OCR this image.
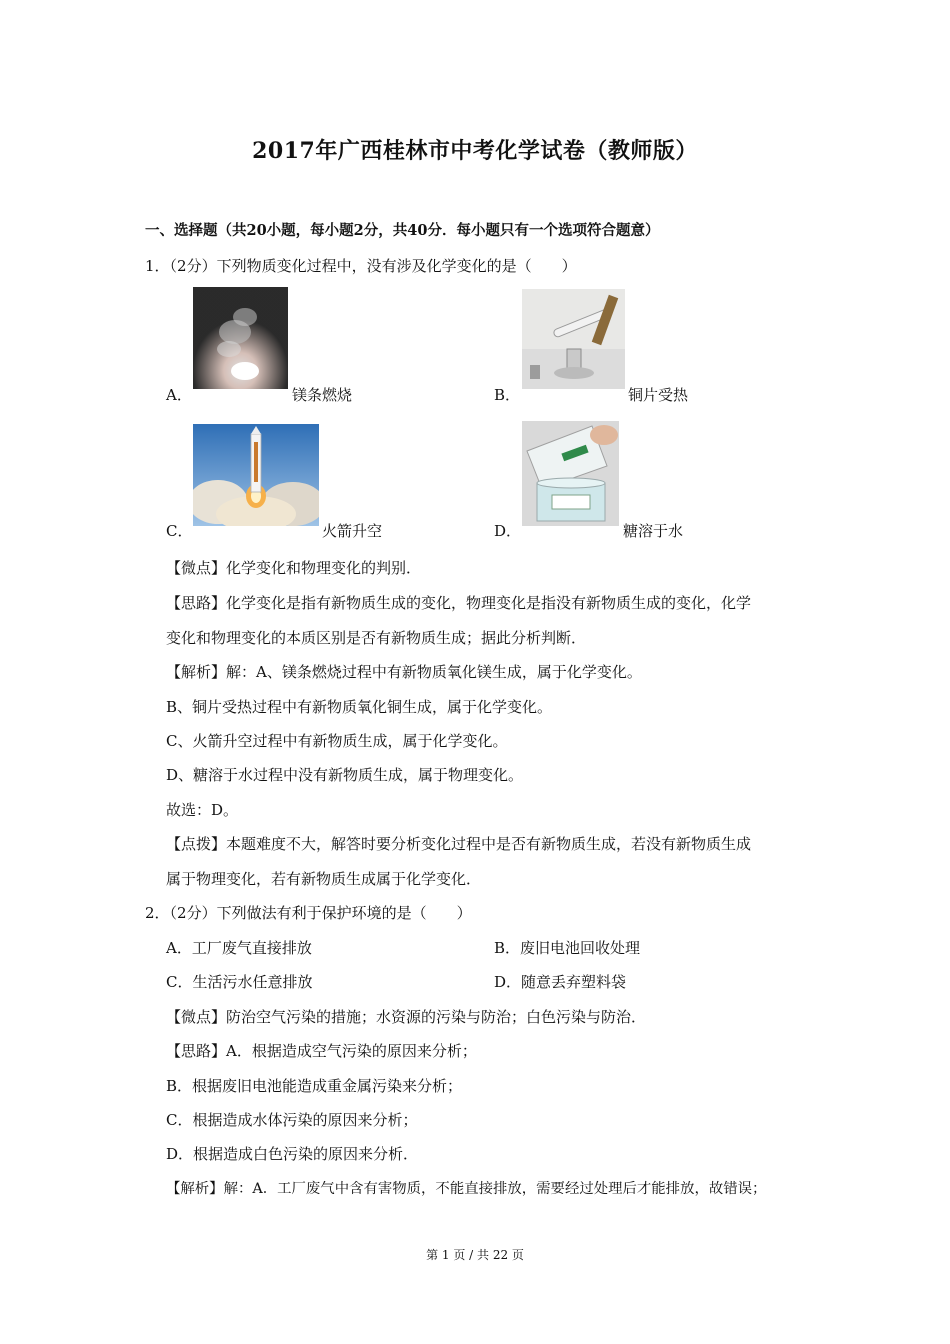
2017年广西桂林市中考化学试卷（教师版）
一、选择题（共20小题，每小题2分，共40分．每小题只有一个选项符合题意）
1．（2分）下列物质变化过程中，没有涉及化学变化的是（　　）
A．	镁条燃烧	B．	铜片受热
C．	火箭升空	D．	糖溶于水
【微点】化学变化和物理变化的判别．
【思路】化学变化是指有新物质生成的变化，物理变化是指没有新物质生成的变化，化学
变化和物理变化的本质区别是否有新物质生成；据此分析判断．
【解析】解：A、镁条燃烧过程中有新物质氧化镁生成，属于化学变化。
B、铜片受热过程中有新物质氧化铜生成，属于化学变化。
C、火箭升空过程中有新物质生成，属于化学变化。
D、糖溶于水过程中没有新物质生成，属于物理变化。
故选：D。
【点拨】本题难度不大，解答时要分析变化过程中是否有新物质生成，若没有新物质生成
属于物理变化，若有新物质生成属于化学变化．
2．（2分）下列做法有利于保护环境的是（　　）
A．工厂废气直接排放	B．废旧电池回收处理
C．生活污水任意排放	D．随意丢弃塑料袋
【微点】防治空气污染的措施；水资源的污染与防治；白色污染与防治．
【思路】A．根据造成空气污染的原因来分析；
B．根据废旧电池能造成重金属污染来分析；
C．根据造成水体污染的原因来分析；
D．根据造成白色污染的原因来分析．
【解析】解：A．工厂废气中含有害物质，不能直接排放，需要经过处理后才能排放，故错误；
第 1 页 / 共 22 页
